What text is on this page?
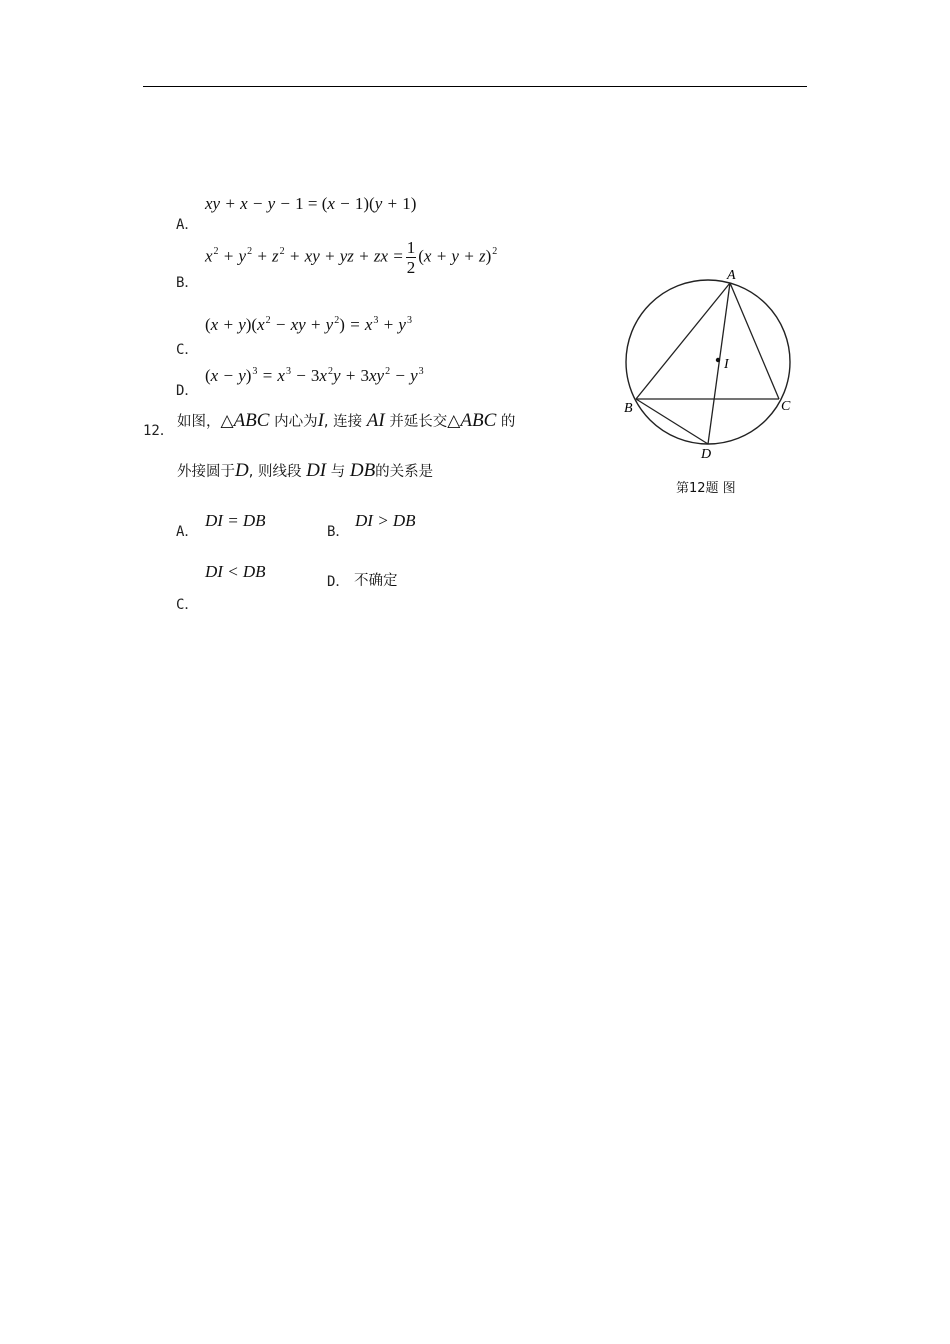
A．
xy + x − y − 1 = (x − 1)(y + 1)
B．
$x^2 + y^2 + z^2$ + xy + yz + zx = $\frac{1}{2} (x + y + z)^2$
C．
$(x + y)(x^2$ − xy + $y^2) = x^3 + y^3$
D．
$(x - y)^3 = x^3 - 3x^2y + 3xy^2 - y^3$
12．
如图，△ABC 内心为I, 连接 AI 并延长交△ABC 的
外接圆于D, 则线段 DI 与 DB的关系是
A．
DI = DB
B．
DI > DB
C．
DI < DB
D． 不确定
A
I
B	C
D
第12题 图
